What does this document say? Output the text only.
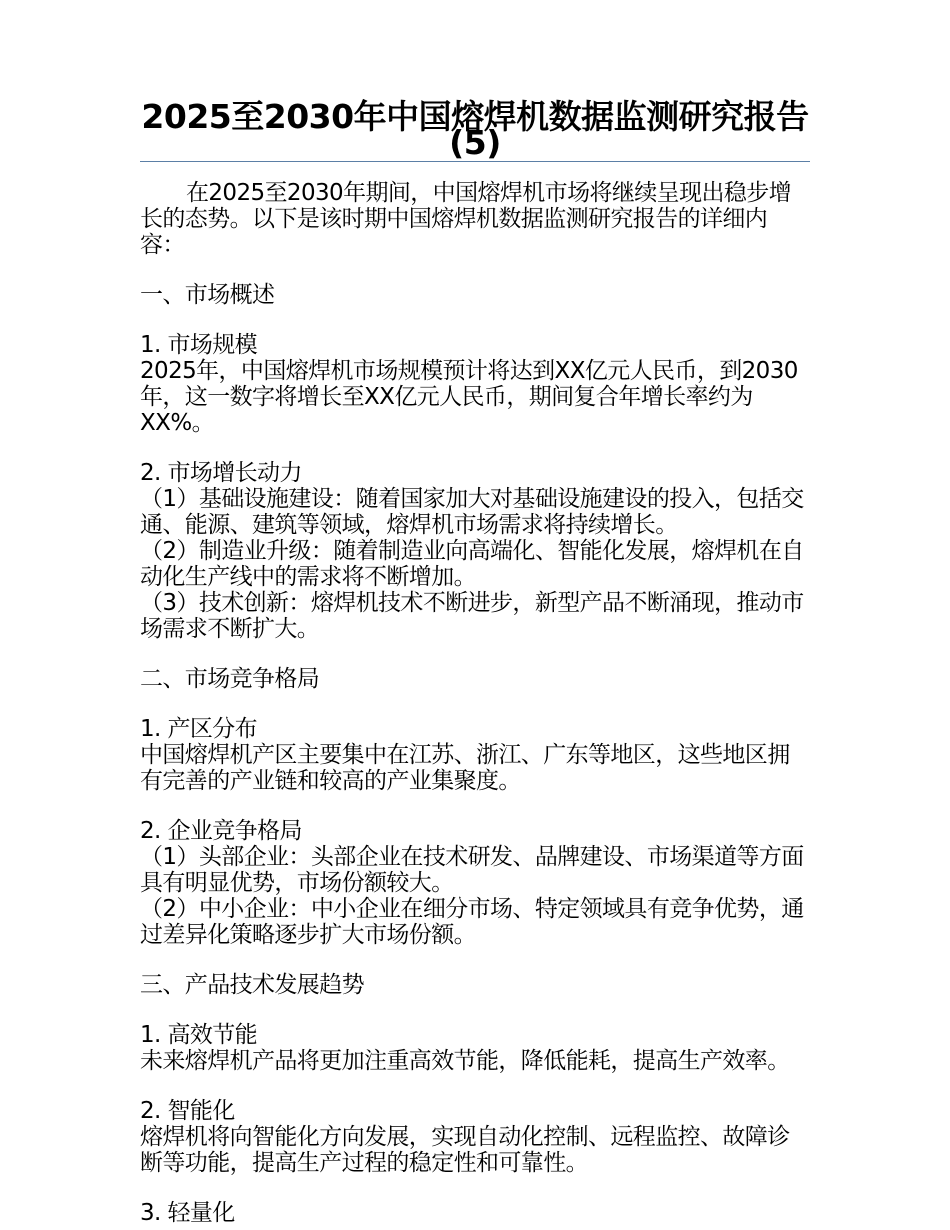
2025至2030年中国熔焊机数据监测研究报告(5)

在2025至2030年期间，中国熔焊机市场将继续呈现出稳步增长的态势。以下是该时期中国熔焊机数据监测研究报告的详细内容：

一、市场概述

1. 市场规模

2025年，中国熔焊机市场规模预计将达到XX亿元人民币，到2030年，这一数字将增长至XX亿元人民币，期间复合年增长率约为XX%。

2. 市场增长动力

（1）基础设施建设：随着国家加大对基础设施建设的投入，包括交通、能源、建筑等领域，熔焊机市场需求将持续增长。

（2）制造业升级：随着制造业向高端化、智能化发展，熔焊机在自动化生产线中的需求将不断增加。

（3）技术创新：熔焊机技术不断进步，新型产品不断涌现，推动市场需求不断扩大。

二、市场竞争格局

1. 产区分布

中国熔焊机产区主要集中在江苏、浙江、广东等地区，这些地区拥有完善的产业链和较高的产业集聚度。

2. 企业竞争格局

（1）头部企业：头部企业在技术研发、品牌建设、市场渠道等方面具有明显优势，市场份额较大。

（2）中小企业：中小企业在细分市场、特定领域具有竞争优势，通过差异化策略逐步扩大市场份额。

三、产品技术发展趋势

1. 高效节能

未来熔焊机产品将更加注重高效节能，降低能耗，提高生产效率。

2. 智能化

熔焊机将向智能化方向发展，实现自动化控制、远程监控、故障诊断等功能，提高生产过程的稳定性和可靠性。

3. 轻量化
